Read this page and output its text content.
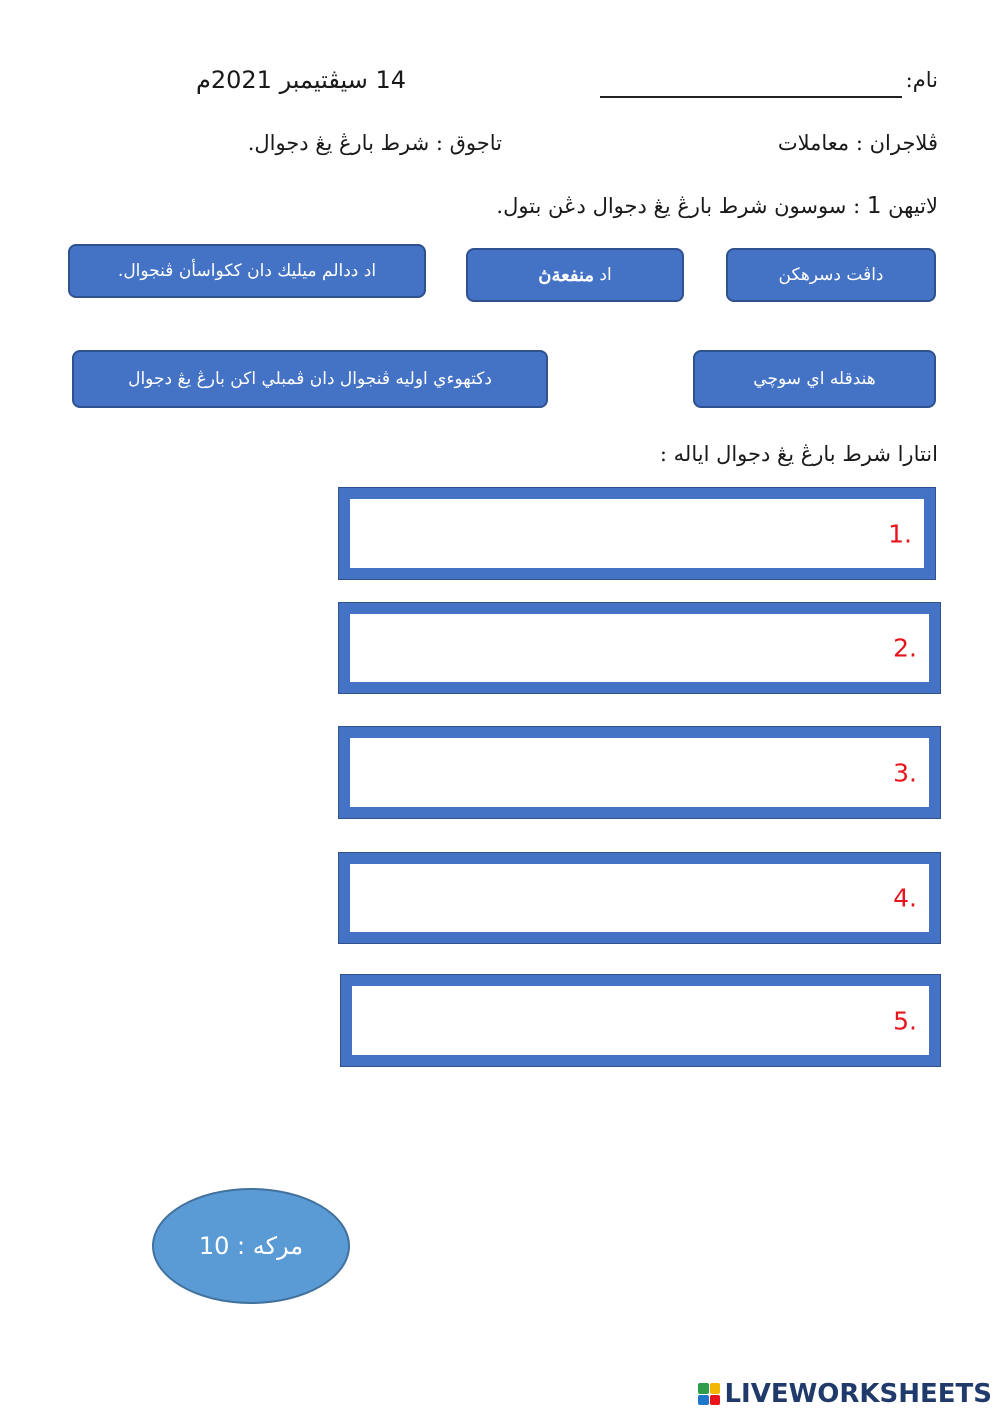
نام:
14 سيڤتيمبر 2021م
ڤلاجران : معاملات
تاجوق : شرط بارڠ يڠ دجوال.
لاتيهن 1 : سوسون شرط بارڠ يڠ دجوال دڠن بتول.
داڤت دسرهكن
اد

منفعةڽ
اد ددالم ميليك دان ككواسأن ڤنجوال.
هندقله اي سوچي
دكتهوءي اوليه ڤنجوال دان ڤمبلي اكن بارڠ يڠ دجوال
انتارا شرط بارڠ يڠ دجوال اياله :
1.
2.
3.
4.
5.
مركه : 10
LIVEWORKSHEETS
